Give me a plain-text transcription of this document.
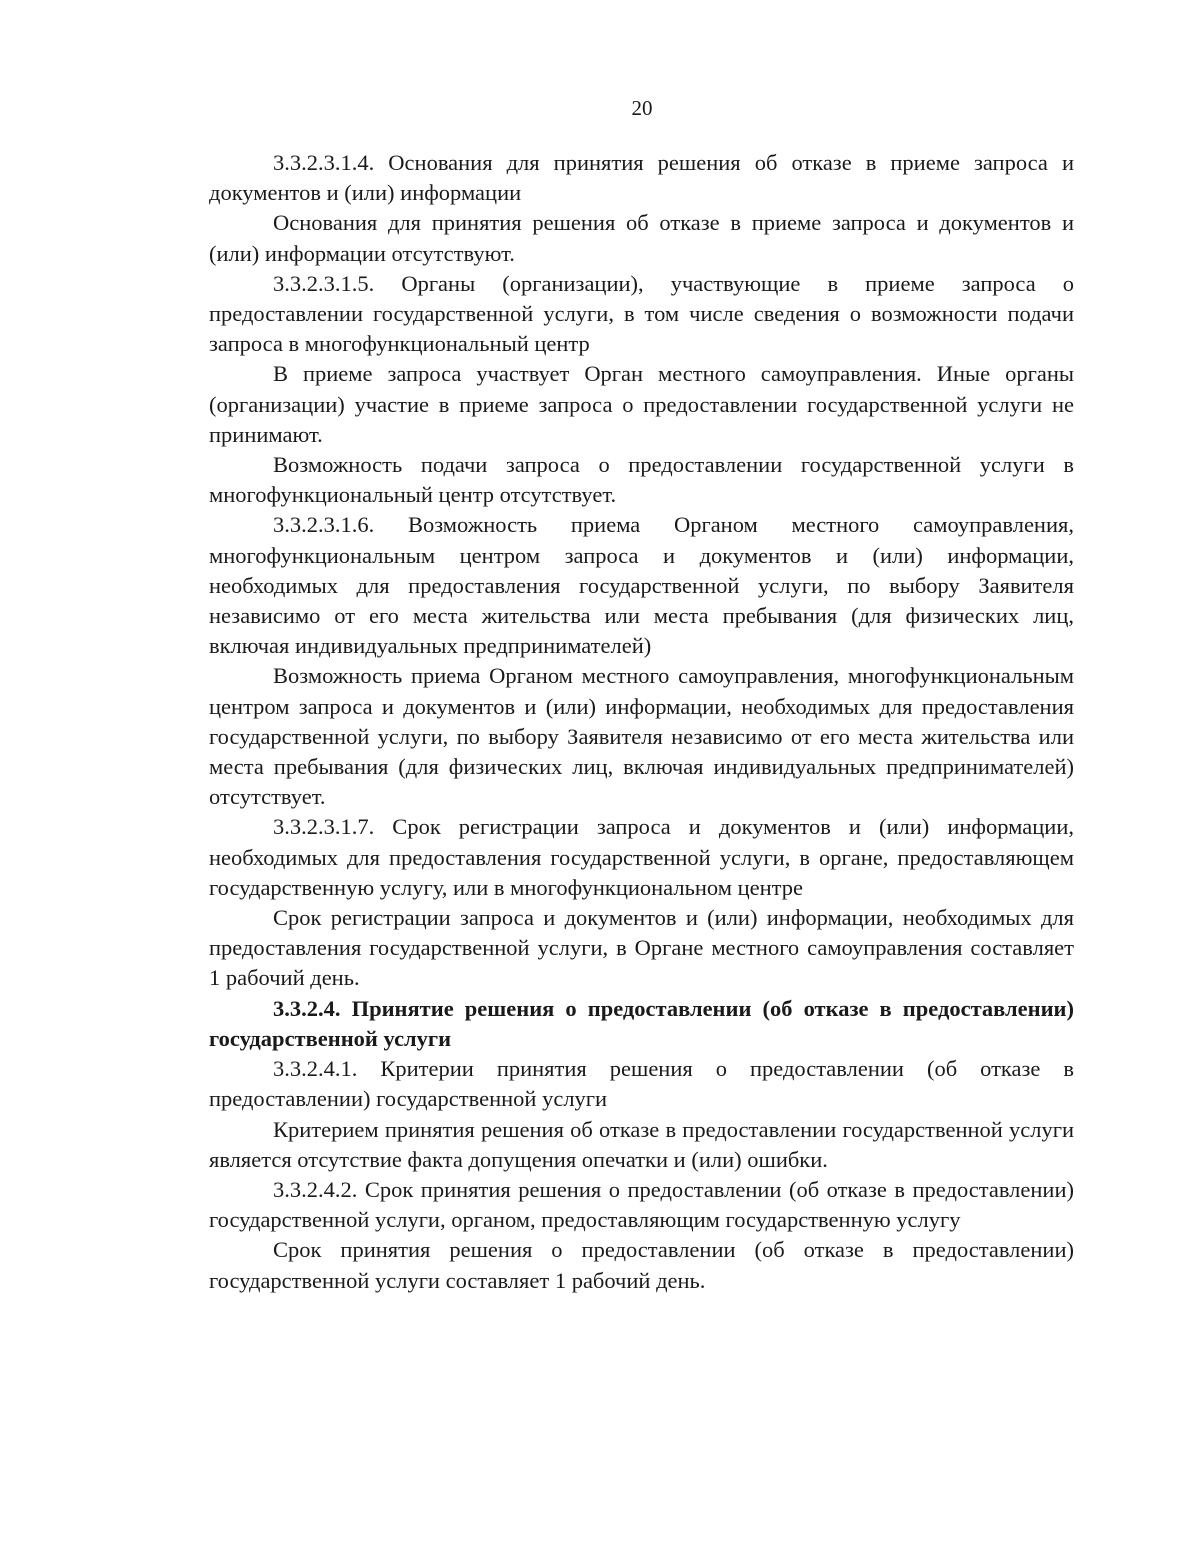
20

3.3.2.3.1.4. Основания для принятия решения об отказе в приеме запроса и документов и (или) информации

Основания для принятия решения об отказе в приеме запроса и документов и (или) информации отсутствуют.

3.3.2.3.1.5. Органы (организации), участвующие в приеме запроса о предоставлении государственной услуги, в том числе сведения о возможности подачи запроса в многофункциональный центр

В приеме запроса участвует Орган местного самоуправления. Иные органы (организации) участие в приеме запроса о предоставлении государственной услуги не принимают.

Возможность подачи запроса о предоставлении государственной услуги в многофункциональный центр отсутствует.

3.3.2.3.1.6. Возможность приема Органом местного самоуправления, многофункциональным центром запроса и документов и (или) информации, необходимых для предоставления государственной услуги, по выбору Заявителя независимо от его места жительства или места пребывания (для физических лиц, включая индивидуальных предпринимателей)

Возможность приема Органом местного самоуправления, многофункциональным центром запроса и документов и (или) информации, необходимых для предоставления государственной услуги, по выбору Заявителя независимо от его места жительства или места пребывания (для физических лиц, включая индивидуальных предпринимателей) отсутствует.

3.3.2.3.1.7. Срок регистрации запроса и документов и (или) информации, необходимых для предоставления государственной услуги, в органе, предоставляющем государственную услугу, или в многофункциональном центре

Срок регистрации запроса и документов и (или) информации, необходимых для предоставления государственной услуги, в Органе местного самоуправления составляет 1 рабочий день.

3.3.2.4. Принятие решения о предоставлении (об отказе в предоставлении) государственной услуги

3.3.2.4.1. Критерии принятия решения о предоставлении (об отказе в предоставлении) государственной услуги

Критерием принятия решения об отказе в предоставлении государственной услуги является отсутствие факта допущения опечатки и (или) ошибки.

3.3.2.4.2. Срок принятия решения о предоставлении (об отказе в предоставлении) государственной услуги, органом, предоставляющим государственную услугу

Срок принятия решения о предоставлении (об отказе в предоставлении) государственной услуги составляет 1 рабочий день.
